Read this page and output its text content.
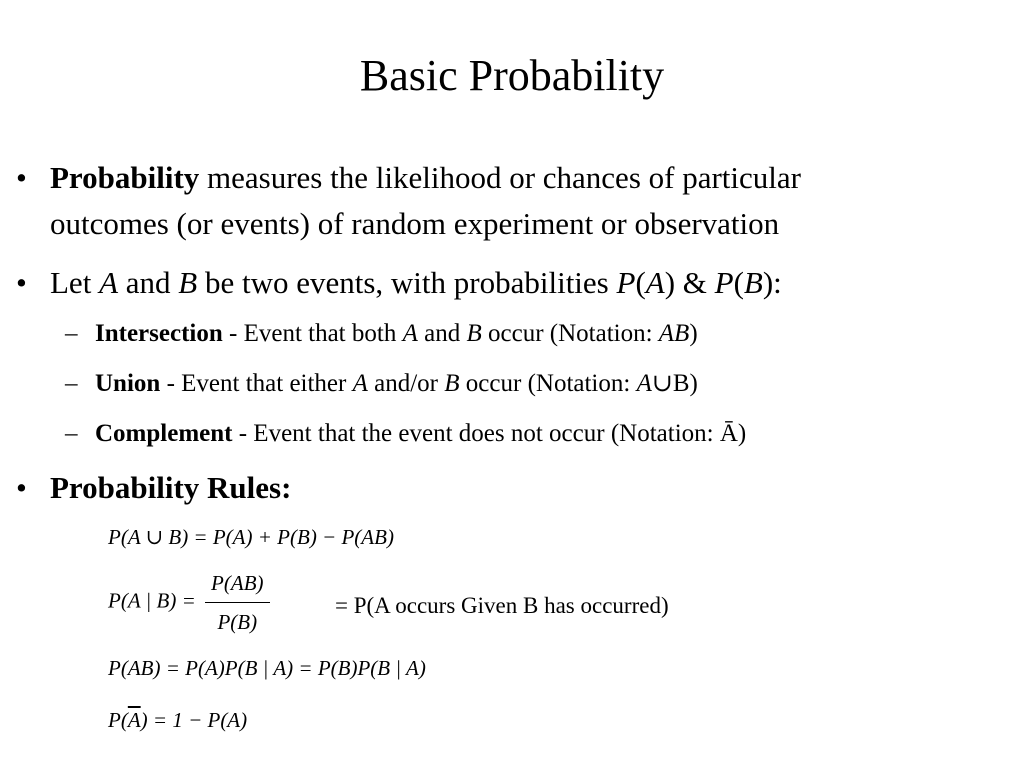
Basic Probability
• Probability measures the likelihood or chances of particular
outcomes (or events) of random experiment or observation
• Let A and B be two events, with probabilities P(A) & P(B):
– Intersection - Event that both A and B occur (Notation: AB)
– Union - Event that either A and/or B occur (Notation: A∪B)
– Complement - Event that the event does not occur (Notation: Ā)
• Probability Rules:
P(A ∪ B) = P(A) + P(B) − P(AB)
P(A | $B) = \frac{P(AB)}{P(B)}$	= P(A occurs Given B has occurred)
P(AB) = P(A)P(B | A) = P(B)P(B | A)
$P(\overline{A}) = 1 - P(A)$
